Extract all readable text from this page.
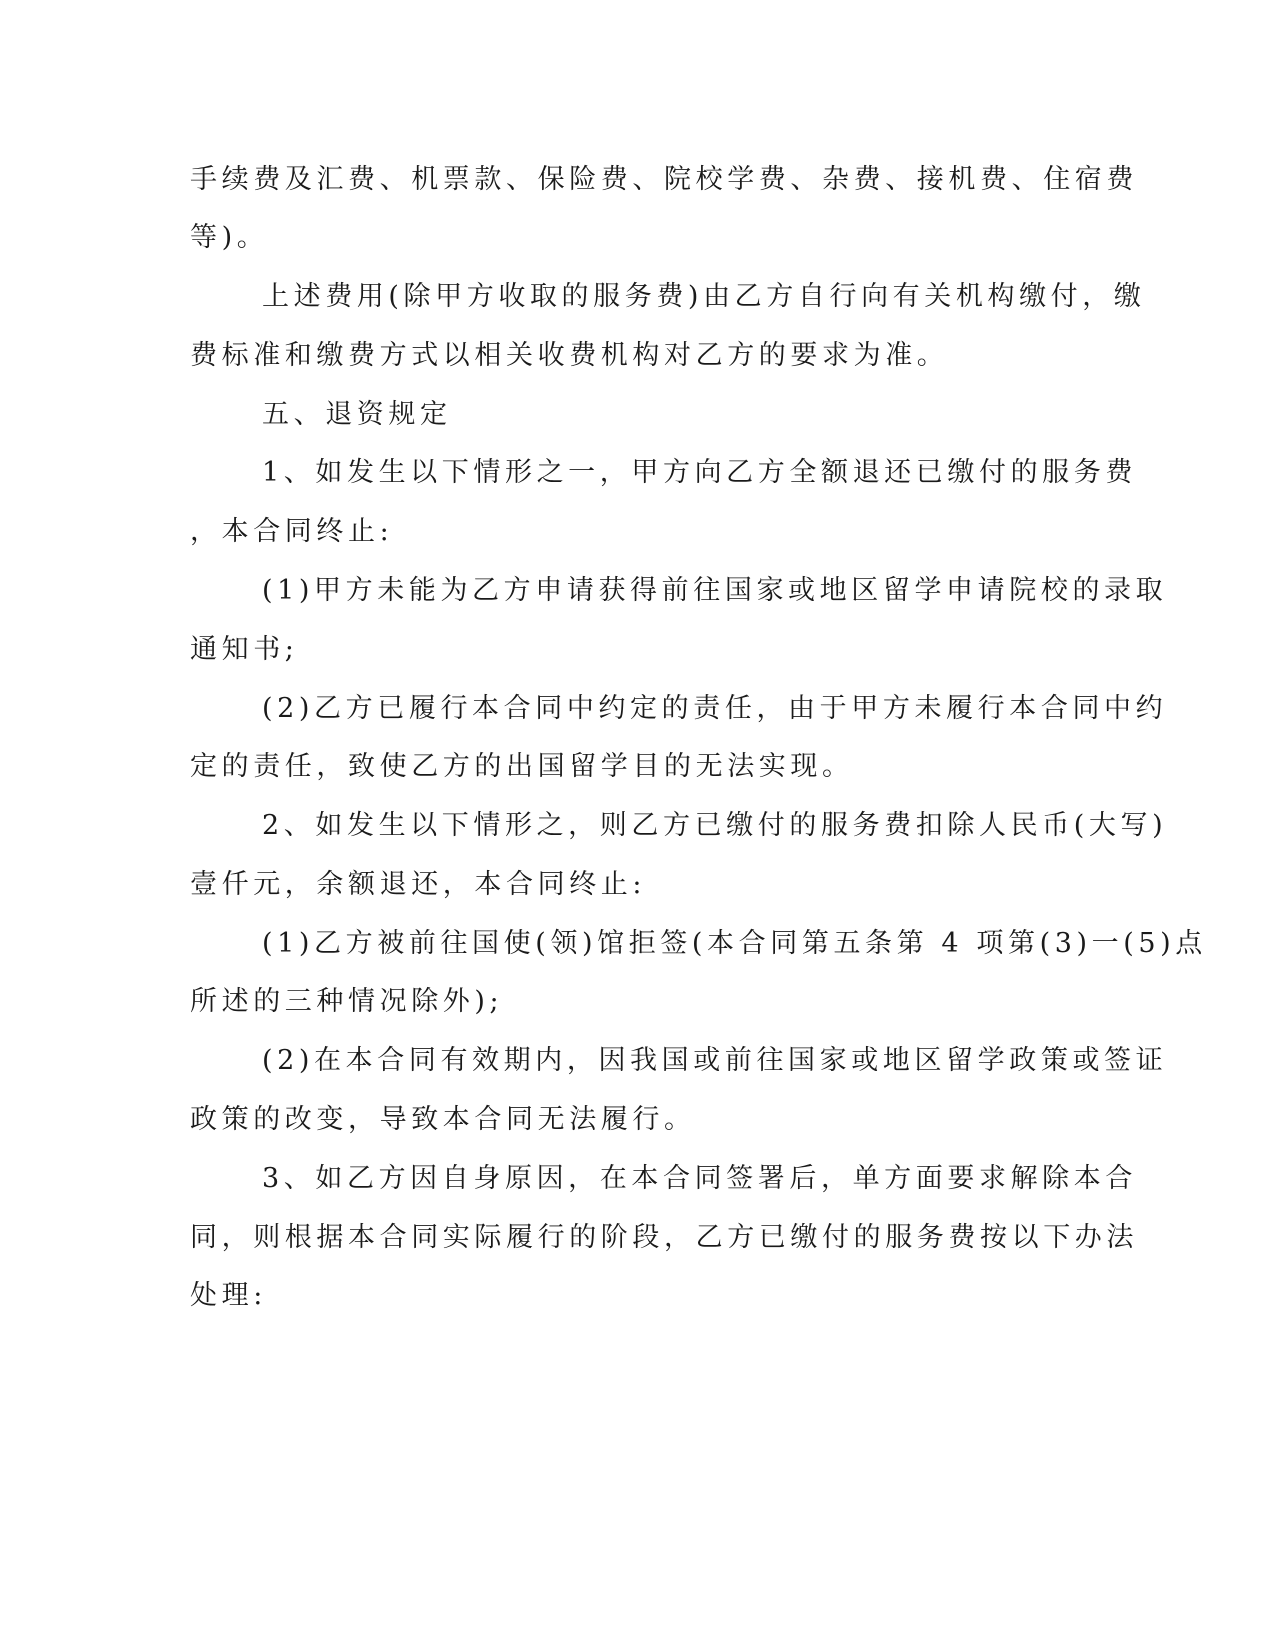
手续费及汇费、机票款、保险费、院校学费、杂费、接机费、住宿费
等)。
上述费用(除甲方收取的服务费)由乙方自行向有关机构缴付，缴
费标准和缴费方式以相关收费机构对乙方的要求为准。
五、退资规定
1、如发生以下情形之一，甲方向乙方全额退还已缴付的服务费
，本合同终止:
(1)甲方未能为乙方申请获得前往国家或地区留学申请院校的录取
通知书;
(2)乙方已履行本合同中约定的责任，由于甲方未履行本合同中约
定的责任，致使乙方的出国留学目的无法实现。
2、如发生以下情形之，则乙方已缴付的服务费扣除人民币(大写)
壹仟元，余额退还，本合同终止:
(1)乙方被前往国使(领)馆拒签(本合同第五条第 4 项第(3)一(5)点
所述的三种情况除外);
(2)在本合同有效期内，因我国或前往国家或地区留学政策或签证
政策的改变，导致本合同无法履行。
3、如乙方因自身原因，在本合同签署后，单方面要求解除本合
同，则根据本合同实际履行的阶段，乙方已缴付的服务费按以下办法
处理:
